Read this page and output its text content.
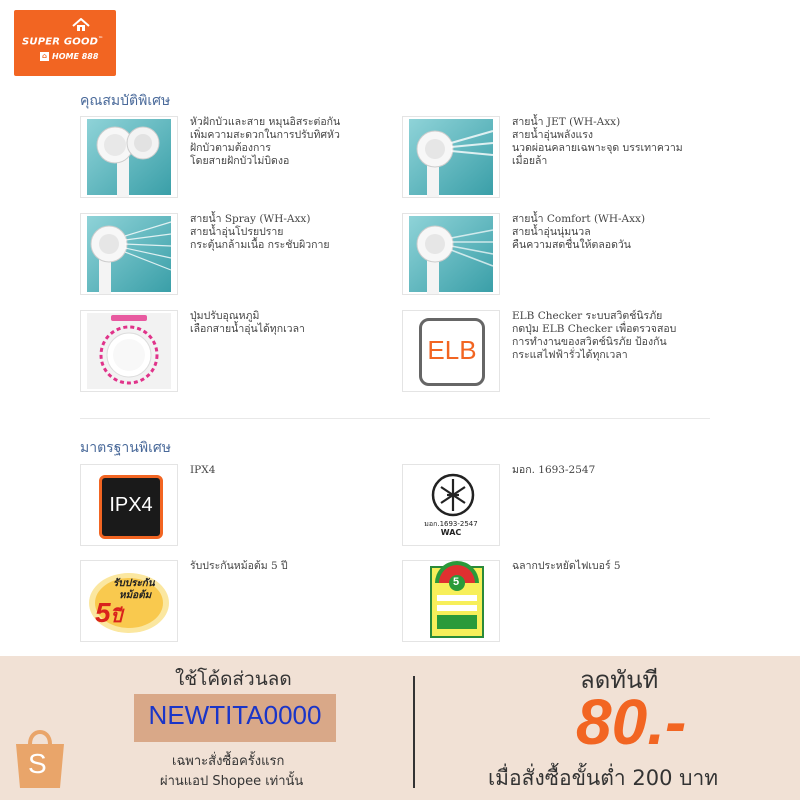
SUPER GOOD™
⌂ HOME 888
คุณสมบัติพิเศษ
หัวฝักบัวและสาย หมุนอิสระต่อกัน
เพิ่มความสะดวกในการปรับทิศหัว
ฝักบัวตามต้องการ
โดยสายฝักบัวไม่บิดงอ
สายน้ำ JET (WH-Axx)
สายน้ำอุ่นพลังแรง
นวดผ่อนคลายเฉพาะจุด บรรเทาความ
เมื่อยล้า
สายน้ำ Spray (WH-Axx)
สายน้ำอุ่นโปรยปราย
กระตุ้นกล้ามเนื้อ กระชับผิวกาย
สายน้ำ Comfort (WH-Axx)
สายน้ำอุ่นนุ่มนวล
คืนความสดชื่นให้ตลอดวัน
ปุ่มปรับอุณหภูมิ
เลือกสายน้ำอุ่นได้ทุกเวลา
ELB
ELB Checker ระบบสวิตช์นิรภัย
กดปุ่ม ELB Checker เพื่อตรวจสอบ
การทำงานของสวิตช์นิรภัย ป้องกัน
กระแสไฟฟ้ารั่วได้ทุกเวลา
มาตรฐานพิเศษ
IPX4
IPX4
มอก.1693-2547
WAC
มอก. 1693-2547
รับประกัน
หม้อต้ม
5ปี
รับประกันหม้อต้ม 5 ปี
5
ฉลากประหยัดไฟเบอร์ 5
S
ใช้โค้ดส่วนลด
NEWTITA0000
เฉพาะสั่งซื้อครั้งแรก
ผ่านแอป Shopee เท่านั้น
ลดทันที
80.-
เมื่อสั่งซื้อขั้นต่ำ 200 บาท
